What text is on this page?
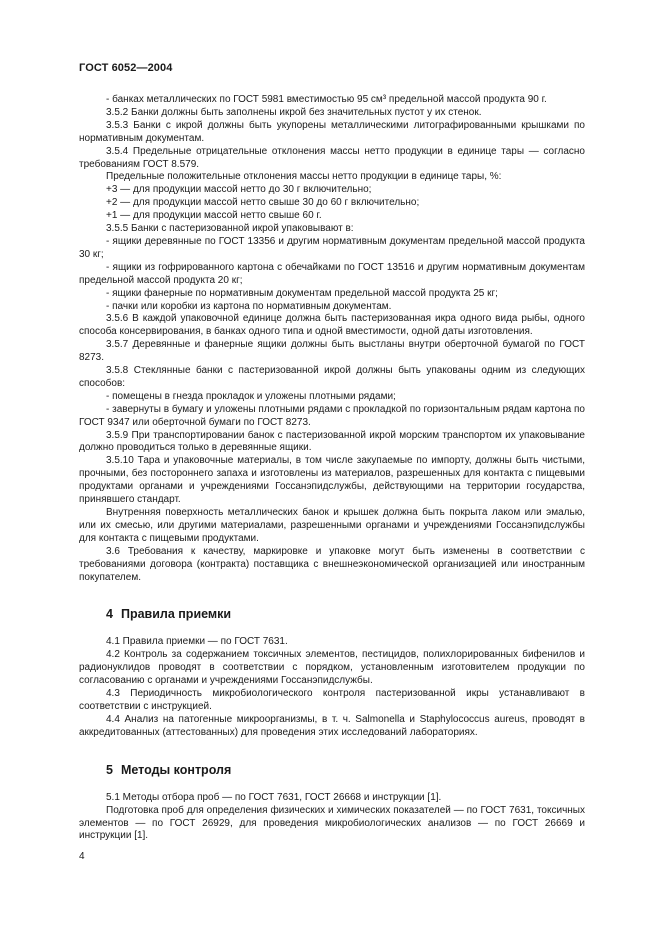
ГОСТ 6052—2004

- банках металлических по ГОСТ 5981 вместимостью 95 см³ предельной массой продукта 90 г.

3.5.2 Банки должны быть заполнены икрой без значительных пустот у их стенок.

3.5.3 Банки с икрой должны быть укупорены металлическими литографированными крышками по нормативным документам.

3.5.4 Предельные отрицательные отклонения массы нетто продукции в единице тары — согласно требованиям ГОСТ 8.579.

Предельные положительные отклонения массы нетто продукции в единице тары, %:

+3 — для продукции массой нетто до 30 г включительно;

+2 — для продукции массой нетто свыше 30 до 60 г включительно;

+1 — для продукции массой нетто свыше 60 г.

3.5.5 Банки с пастеризованной икрой упаковывают в:

- ящики деревянные по ГОСТ 13356 и другим нормативным документам предельной массой продукта 30 кг;

- ящики из гофрированного картона с обечайками по ГОСТ 13516 и другим нормативным документам предельной массой продукта 20 кг;

- ящики фанерные по нормативным документам предельной массой продукта 25 кг;

- пачки или коробки из картона по нормативным документам.

3.5.6 В каждой упаковочной единице должна быть пастеризованная икра одного вида рыбы, одного способа консервирования, в банках одного типа и одной вместимости, одной даты изготовления.

3.5.7 Деревянные и фанерные ящики должны быть выстланы внутри оберточной бумагой по ГОСТ 8273.

3.5.8 Стеклянные банки с пастеризованной икрой должны быть упакованы одним из следующих способов:

- помещены в гнезда прокладок и уложены плотными рядами;

- завернуты в бумагу и уложены плотными рядами с прокладкой по горизонтальным рядам картона по ГОСТ 9347 или оберточной бумаги по ГОСТ 8273.

3.5.9 При транспортировании банок с пастеризованной икрой морским транспортом их упаковывание должно проводиться только в деревянные ящики.

3.5.10 Тара и упаковочные материалы, в том числе закупаемые по импорту, должны быть чистыми, прочными, без постороннего запаха и изготовлены из материалов, разрешенных для контакта с пищевыми продуктами органами и учреждениями Госсанэпидслужбы, действующими на территории государства, принявшего стандарт.

Внутренняя поверхность металлических банок и крышек должна быть покрыта лаком или эмалью, или их смесью, или другими материалами, разрешенными органами и учреждениями Госсанэпидслужбы для контакта с пищевыми продуктами.

3.6 Требования к качеству, маркировке и упаковке могут быть изменены в соответствии с требованиями договора (контракта) поставщика с внешнеэкономической организацией или иностранным покупателем.

4 Правила приемки

4.1 Правила приемки — по ГОСТ 7631.

4.2 Контроль за содержанием токсичных элементов, пестицидов, полихлорированных бифенилов и радионуклидов проводят в соответствии с порядком, установленным изготовителем продукции по согласованию с органами и учреждениями Госсанэпидслужбы.

4.3 Периодичность микробиологического контроля пастеризованной икры устанавливают в соответствии с инструкцией.

4.4 Анализ на патогенные микроорганизмы, в т. ч. Salmonella и Staphylococcus aureus, проводят в аккредитованных (аттестованных) для проведения этих исследований лабораториях.

5 Методы контроля

5.1 Методы отбора проб — по ГОСТ 7631, ГОСТ 26668 и инструкции [1].

Подготовка проб для определения физических и химических показателей — по ГОСТ 7631, токсичных элементов — по ГОСТ 26929, для проведения микробиологических анализов — по ГОСТ 26669 и инструкции [1].

4
